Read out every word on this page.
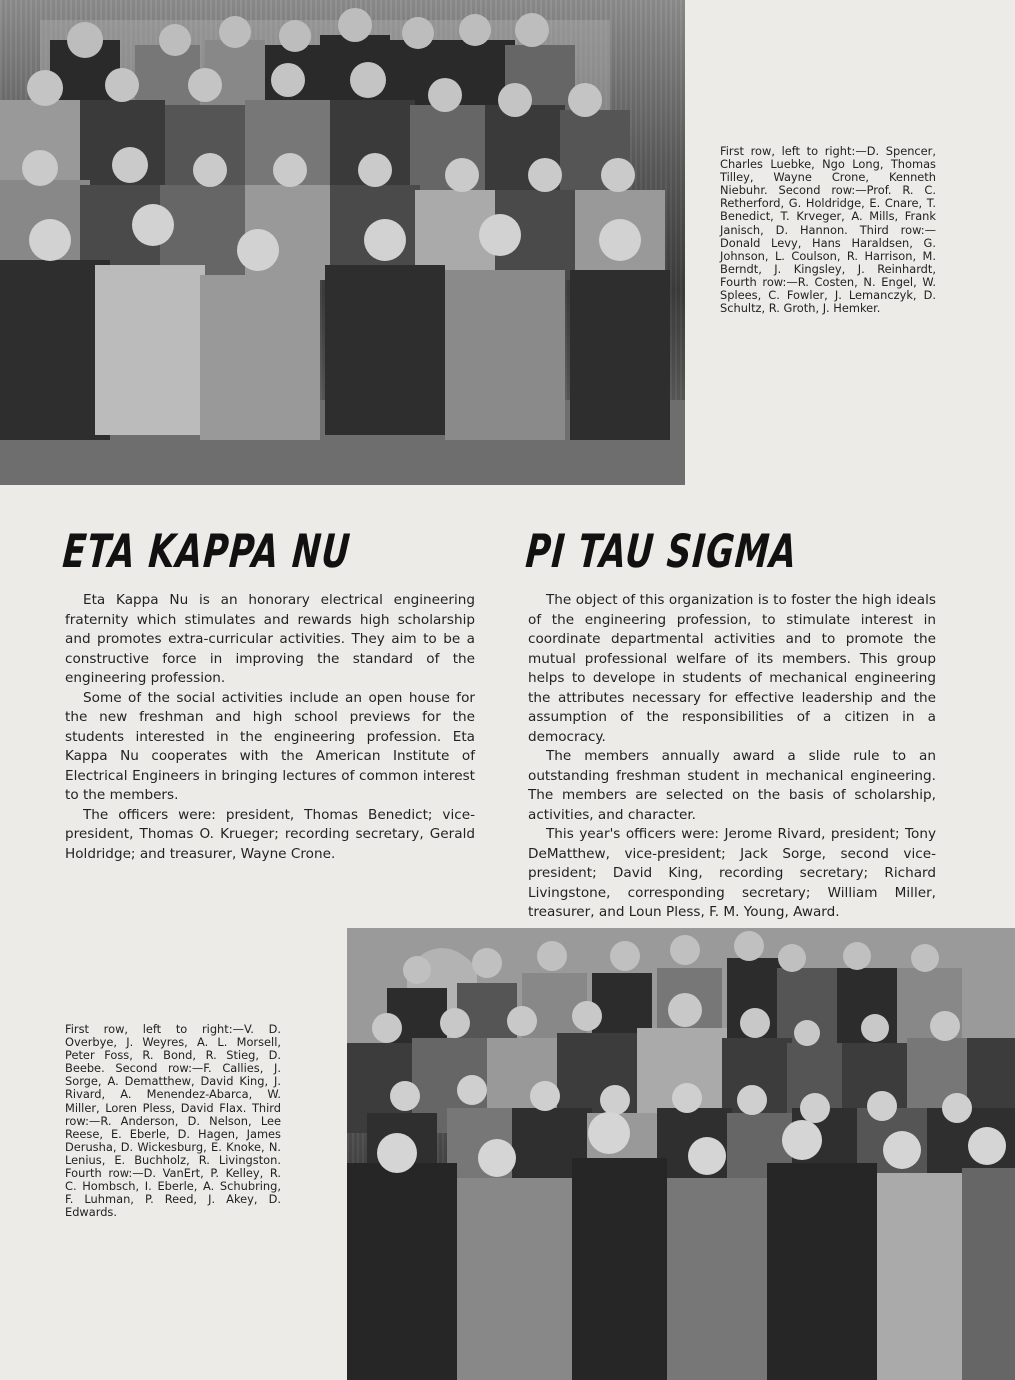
First row, left to right:—D. Spencer, Charles Luebke, Ngo Long, Thomas Tilley, Wayne Crone, Kenneth Niebuhr. Second row:—Prof. R. C. Retherford, G. Holdridge, E. Cnare, T. Benedict, T. Krveger, A. Mills, Frank Janisch, D. Hannon. Third row:—Donald Levy, Hans Haraldsen, G. Johnson, L. Coulson, R. Harrison, M. Berndt, J. Kingsley, J. Reinhardt, Fourth row:—R. Costen, N. Engel, W. Splees, C. Fowler, J. Lemanczyk, D. Schultz, R. Groth, J. Hemker.
ETA KAPPA NU	PI TAU SIGMA

Eta Kappa Nu is an honorary electrical engineering fraternity which stimulates and rewards high scholarship and promotes extra-curricular activities. They aim to be a constructive force in improving the standard of the engineering profession.

Some of the social activities include an open house for the new freshman and high school previews for the students interested in the engineering profession. Eta Kappa Nu cooperates with the American Institute of Electrical Engineers in bringing lectures of common interest to the members.

The officers were: president, Thomas Benedict; vice-president, Thomas O. Krueger; recording secretary, Gerald Holdridge; and treasurer, Wayne Crone.

The object of this organization is to foster the high ideals of the engineering profession, to stimulate interest in coordinate departmental activities and to promote the mutual professional welfare of its members. This group helps to develope in students of mechanical engineering the attributes necessary for effective leadership and the assumption of the responsibilities of a citizen in a democracy.

The members annually award a slide rule to an outstanding freshman student in mechanical engineering. The members are selected on the basis of scholarship, activities, and character.

This year's officers were: Jerome Rivard, president; Tony DeMatthew, vice-president; Jack Sorge, second vice-president; David King, recording secretary; Richard Livingstone, corresponding secretary; William Miller, treasurer, and Loun Pless, F. M. Young, Award.

First row, left to right:—V. D. Overbye, J. Weyres, A. L. Morsell, Peter Foss, R. Bond, R. Stieg, D. Beebe. Second row:—F. Callies, J. Sorge, A. Dematthew, David King, J. Rivard, A. Menendez-Abarca, W. Miller, Loren Pless, David Flax. Third row:—R. Anderson, D. Nelson, Lee Reese, E. Eberle, D. Hagen, James Derusha, D. Wickesburg, E. Knoke, N. Lenius, E. Buchholz, R. Livingston. Fourth row:—D. VanErt, P. Kelley, R. C. Hombsch, I. Eberle, A. Schubring, F. Luhman, P. Reed, J. Akey, D. Edwards.
